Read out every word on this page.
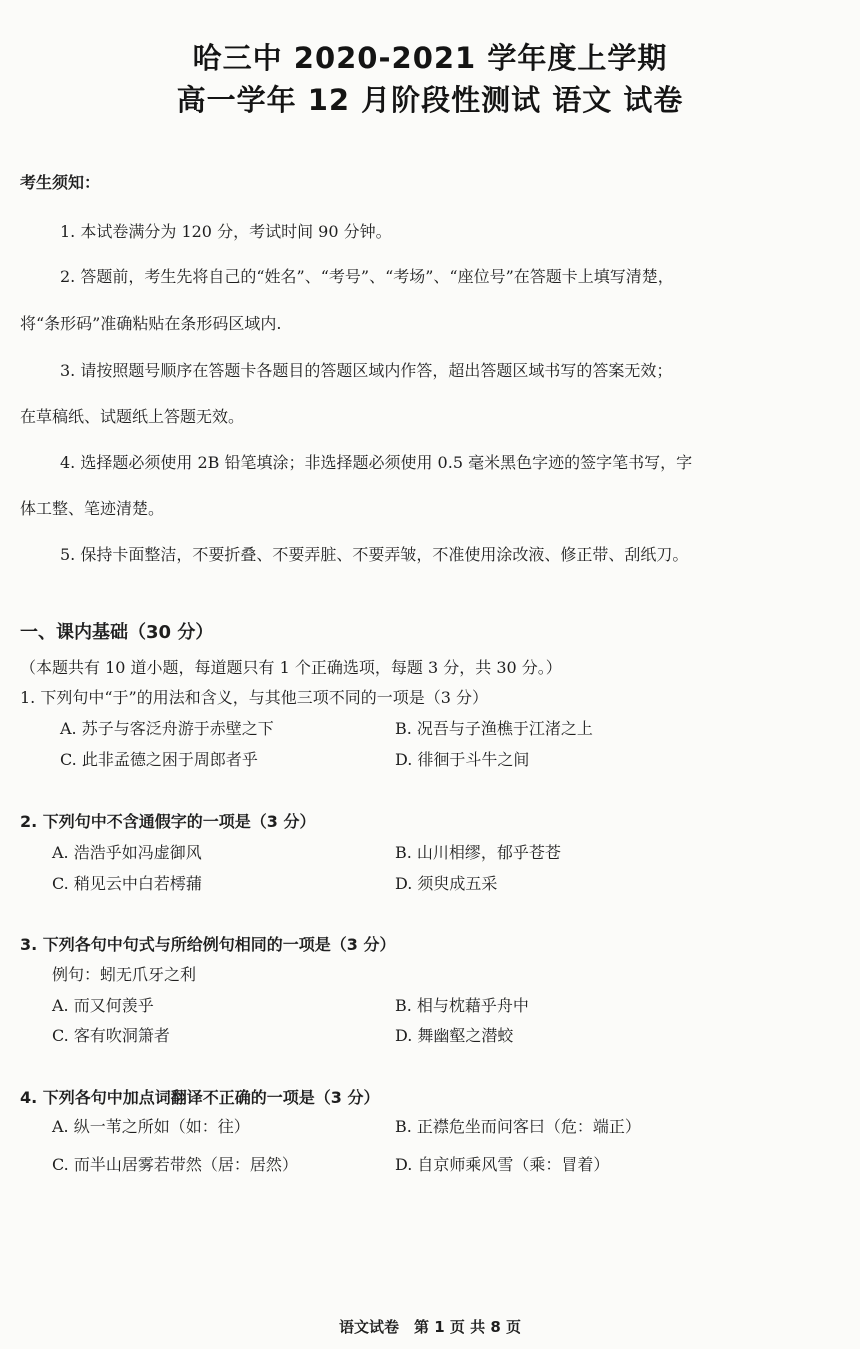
哈三中 2020-2021 学年度上学期
高一学年 12 月阶段性测试 语文 试卷
考生须知：
1. 本试卷满分为 120 分，考试时间 90 分钟。
2. 答题前，考生先将自己的“姓名”、“考号”、“考场”、“座位号”在答题卡上填写清楚，
将“条形码”准确粘贴在条形码区域内.
3. 请按照题号顺序在答题卡各题目的答题区域内作答，超出答题区域书写的答案无效；
在草稿纸、试题纸上答题无效。
4. 选择题必须使用 2B 铅笔填涂；非选择题必须使用 0.5 毫米黑色字迹的签字笔书写，字
体工整、笔迹清楚。
5. 保持卡面整洁，不要折叠、不要弄脏、不要弄皱，不准使用涂改液、修正带、刮纸刀。
一、课内基础（30 分）
（本题共有 10 道小题，每道题只有 1 个正确选项，每题 3 分，共 30 分。）
1. 下列句中“于”的用法和含义，与其他三项不同的一项是（3 分）
A. 苏子与客泛舟游于赤壁之下	B. 况吾与子渔樵于江渚之上
C. 此非孟德之困于周郎者乎	D. 徘徊于斗牛之间
2. 下列句中不含通假字的一项是（3 分）
A. 浩浩乎如冯虚御风	B. 山川相缪，郁乎苍苍
C. 稍见云中白若樗蒱	D. 须臾成五采
3. 下列各句中句式与所给例句相同的一项是（3 分）
例句：蚓无爪牙之利
A. 而又何羡乎	B. 相与枕藉乎舟中
C. 客有吹洞箫者	D. 舞幽壑之潜蛟
4. 下列各句中加点词翻译不正确的一项是（3 分）
A. 纵一苇之所如（如：往）	B. 正襟危坐而问客曰（危：端正）
C. 而半山居雾若带然（居：居然）	D. 自京师乘风雪（乘：冒着）
语文试卷　第 1 页 共 8 页
